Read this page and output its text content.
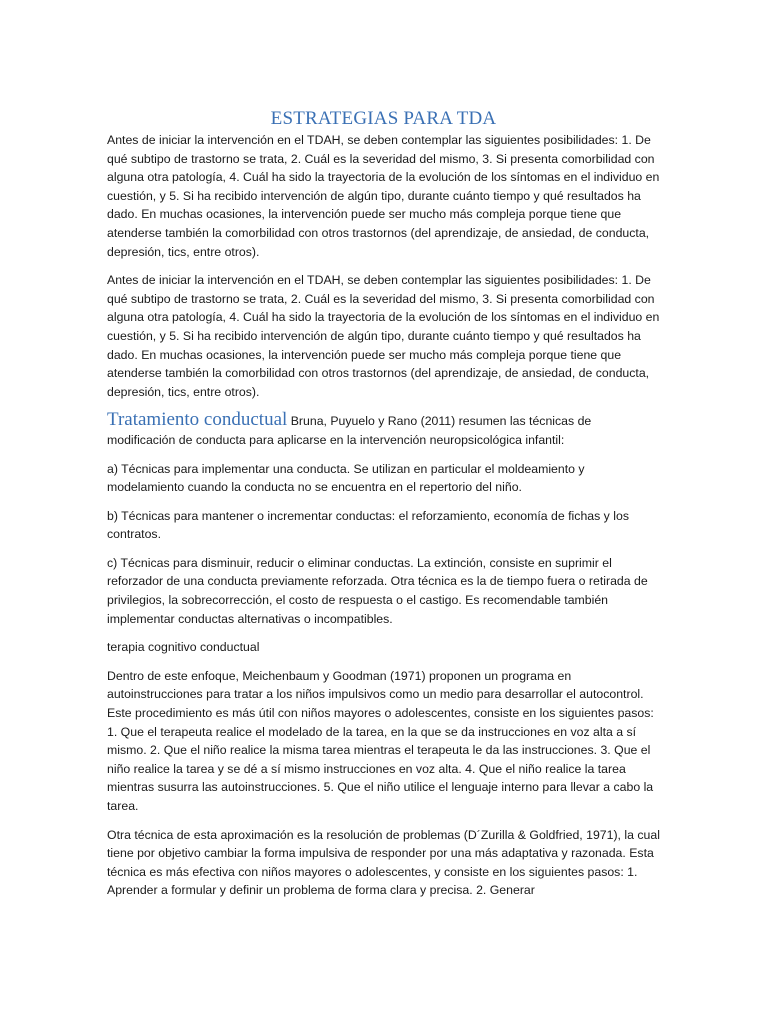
ESTRATEGIAS PARA TDA

Antes de iniciar la intervención en el TDAH, se deben contemplar las siguientes posibilidades: 1. De qué subtipo de trastorno se trata, 2. Cuál es la severidad del mismo, 3. Si presenta comorbilidad con alguna otra patología, 4. Cuál ha sido la trayectoria de la evolución de los síntomas en el individuo en cuestión, y 5. Si ha recibido intervención de algún tipo, durante cuánto tiempo y qué resultados ha dado. En muchas ocasiones, la intervención puede ser mucho más compleja porque tiene que atenderse también la comorbilidad con otros trastornos (del aprendizaje, de ansiedad, de conducta, depresión, tics, entre otros).

Antes de iniciar la intervención en el TDAH, se deben contemplar las siguientes posibilidades: 1. De qué subtipo de trastorno se trata, 2. Cuál es la severidad del mismo, 3. Si presenta comorbilidad con alguna otra patología, 4. Cuál ha sido la trayectoria de la evolución de los síntomas en el individuo en cuestión, y 5. Si ha recibido intervención de algún tipo, durante cuánto tiempo y qué resultados ha dado. En muchas ocasiones, la intervención puede ser mucho más compleja porque tiene que atenderse también la comorbilidad con otros trastornos (del aprendizaje, de ansiedad, de conducta, depresión, tics, entre otros).

Tratamiento conductual Bruna, Puyuelo y Rano (2011) resumen las técnicas de modificación de conducta para aplicarse en la intervención neuropsicológica infantil:

a) Técnicas para implementar una conducta. Se utilizan en particular el moldeamiento y modelamiento cuando la conducta no se encuentra en el repertorio del niño.

b) Técnicas para mantener o incrementar conductas: el reforzamiento, economía de fichas y los contratos.

c) Técnicas para disminuir, reducir o eliminar conductas. La extinción, consiste en suprimir el reforzador de una conducta previamente reforzada. Otra técnica es la de tiempo fuera o retirada de privilegios, la sobrecorrección, el costo de respuesta o el castigo. Es recomendable también implementar conductas alternativas o incompatibles.

terapia cognitivo conductual

Dentro de este enfoque, Meichenbaum y Goodman (1971) proponen un programa en autoinstrucciones para tratar a los niños impulsivos como un medio para desarrollar el autocontrol. Este procedimiento es más útil con niños mayores o adolescentes, consiste en los siguientes pasos: 1. Que el terapeuta realice el modelado de la tarea, en la que se da instrucciones en voz alta a sí mismo. 2. Que el niño realice la misma tarea mientras el terapeuta le da las instrucciones. 3. Que el niño realice la tarea y se dé a sí mismo instrucciones en voz alta. 4. Que el niño realice la tarea mientras susurra las autoinstrucciones. 5. Que el niño utilice el lenguaje interno para llevar a cabo la tarea.

Otra técnica de esta aproximación es la resolución de problemas (D´Zurilla & Goldfried, 1971), la cual tiene por objetivo cambiar la forma impulsiva de responder por una más adaptativa y razonada. Esta técnica es más efectiva con niños mayores o adolescentes, y consiste en los siguientes pasos: 1. Aprender a formular y definir un problema de forma clara y precisa. 2. Generar
